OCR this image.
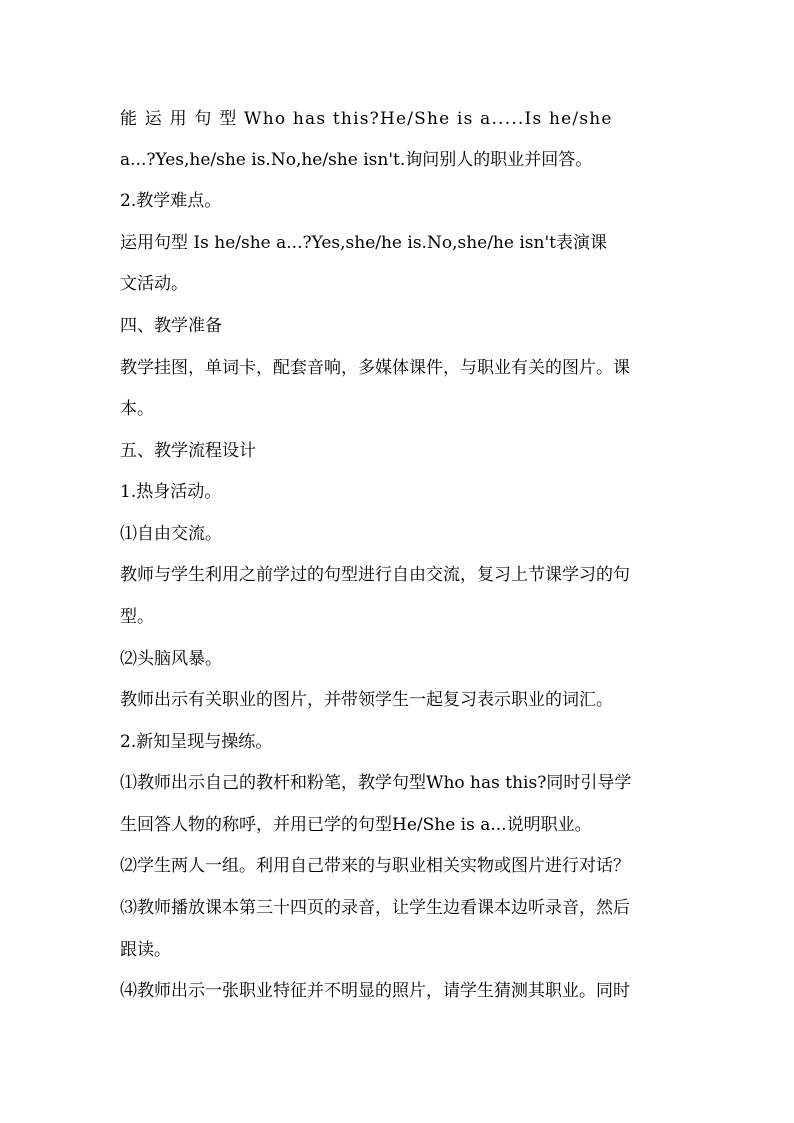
能 运 用 句 型 Who has this?He/She is a.....Is he/she
a...?Yes,he/she is.No,he/she isn't.询问别人的职业并回答。
2.教学难点。
运用句型 Is he/she a...?Yes,she/he is.No,she/he isn't表演课
文活动。
四、教学准备
教学挂图，单词卡，配套音响，多媒体课件，与职业有关的图片。课
本。
五、教学流程设计
1.热身活动。
⑴自由交流。
教师与学生利用之前学过的句型进行自由交流，复习上节课学习的句
型。
⑵头脑风暴。
教师出示有关职业的图片，并带领学生一起复习表示职业的词汇。
2.新知呈现与操练。
⑴教师出示自己的教杆和粉笔，教学句型Who has this?同时引导学
生回答人物的称呼，并用已学的句型He/She is a...说明职业。
⑵学生两人一组。利用自己带来的与职业相关实物或图片进行对话？
⑶教师播放课本第三十四页的录音，让学生边看课本边听录音，然后
跟读。
⑷教师出示一张职业特征并不明显的照片，请学生猜测其职业。同时
